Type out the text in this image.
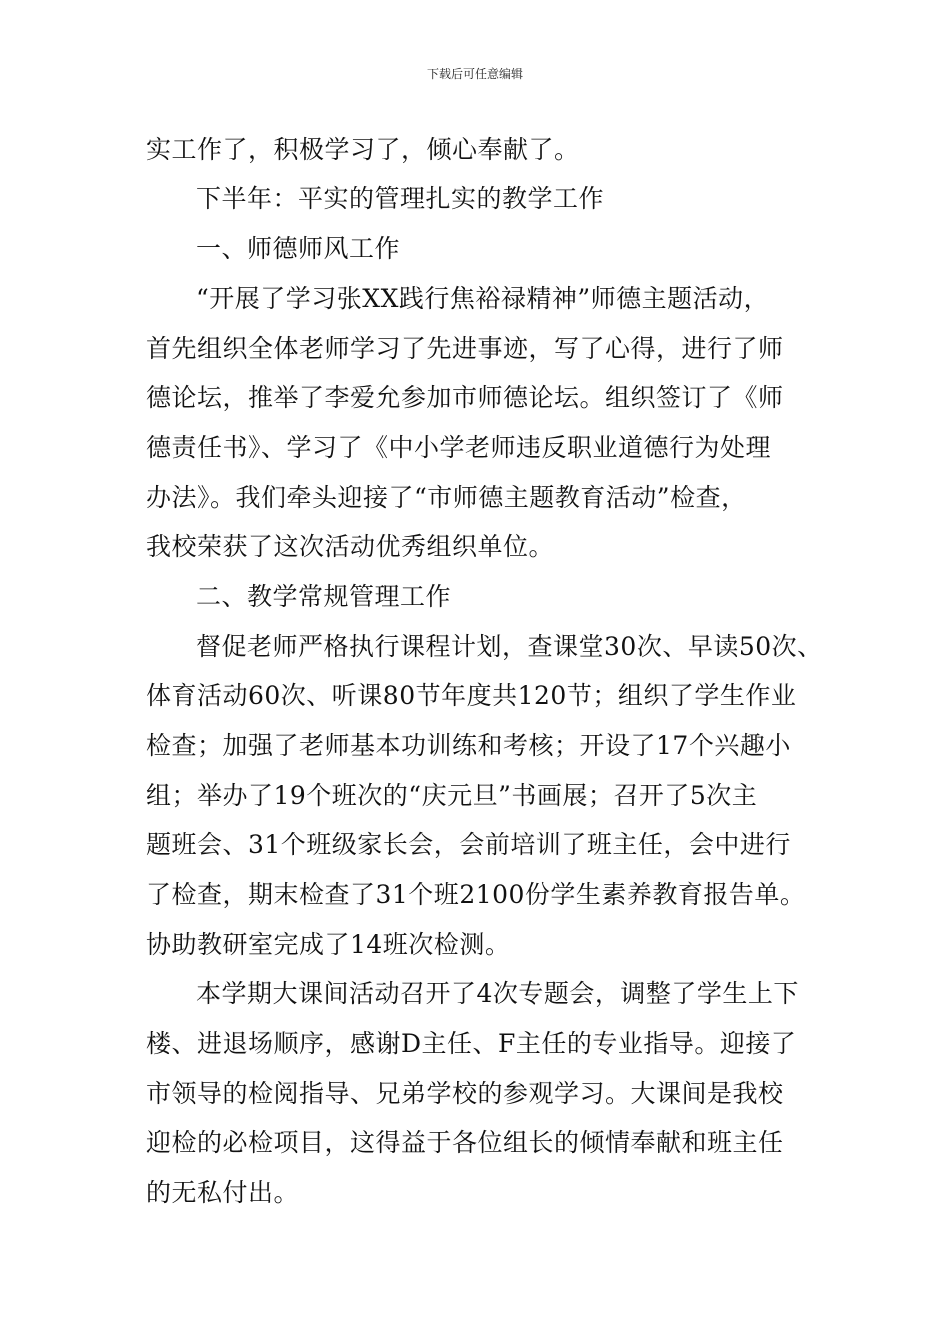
下载后可任意编辑
实工作了，积极学习了，倾心奉献了。
下半年：平实的管理扎实的教学工作
一、师德师风工作
“开展了学习张XX践行焦裕禄精神”师德主题活动，
首先组织全体老师学习了先进事迹，写了心得，进行了师
德论坛，推举了李爱允参加市师德论坛。组织签订了《师
德责任书》、学习了《中小学老师违反职业道德行为处理
办法》。我们牵头迎接了“市师德主题教育活动”检查，
我校荣获了这次活动优秀组织单位。
二、教学常规管理工作
督促老师严格执行课程计划，查课堂30次、早读50次、
体育活动60次、听课80节年度共120节；组织了学生作业
检查；加强了老师基本功训练和考核；开设了17个兴趣小
组；举办了19个班次的“庆元旦”书画展；召开了5次主
题班会、31个班级家长会，会前培训了班主任，会中进行
了检查，期末检查了31个班2100份学生素养教育报告单。
协助教研室完成了14班次检测。
本学期大课间活动召开了4次专题会，调整了学生上下
楼、进退场顺序，感谢D主任、F主任的专业指导。迎接了
市领导的检阅指导、兄弟学校的参观学习。大课间是我校
迎检的必检项目，这得益于各位组长的倾情奉献和班主任
的无私付出。
